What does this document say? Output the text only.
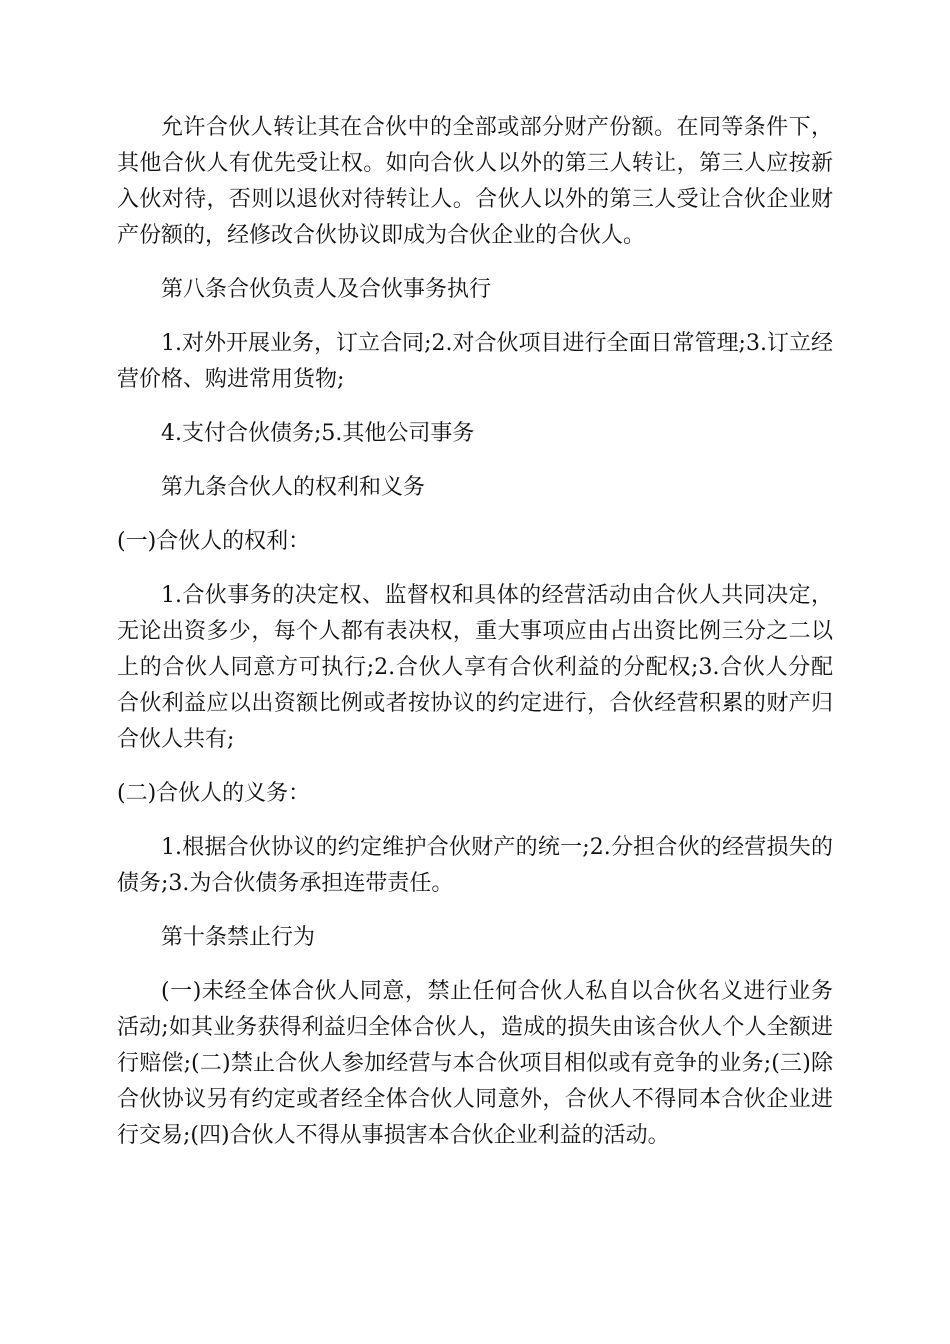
允许合伙人转让其在合伙中的全部或部分财产份额。在同等条件下，其他合伙人有优先受让权。如向合伙人以外的第三人转让，第三人应按新入伙对待，否则以退伙对待转让人。合伙人以外的第三人受让合伙企业财产份额的，经修改合伙协议即成为合伙企业的合伙人。

第八条合伙负责人及合伙事务执行

1.对外开展业务，订立合同;2.对合伙项目进行全面日常管理;3.订立经营价格、购进常用货物;

4.支付合伙债务;5.其他公司事务

第九条合伙人的权利和义务

(一)合伙人的权利：

1.合伙事务的决定权、监督权和具体的经营活动由合伙人共同决定，无论出资多少，每个人都有表决权，重大事项应由占出资比例三分之二以上的合伙人同意方可执行;2.合伙人享有合伙利益的分配权;3.合伙人分配合伙利益应以出资额比例或者按协议的约定进行，合伙经营积累的财产归合伙人共有;

(二)合伙人的义务：

1.根据合伙协议的约定维护合伙财产的统一;2.分担合伙的经营损失的债务;3.为合伙债务承担连带责任。

第十条禁止行为

(一)未经全体合伙人同意，禁止任何合伙人私自以合伙名义进行业务活动;如其业务获得利益归全体合伙人，造成的损失由该合伙人个人全额进行赔偿;(二)禁止合伙人参加经营与本合伙项目相似或有竞争的业务;(三)除合伙协议另有约定或者经全体合伙人同意外，合伙人不得同本合伙企业进行交易;(四)合伙人不得从事损害本合伙企业利益的活动。
